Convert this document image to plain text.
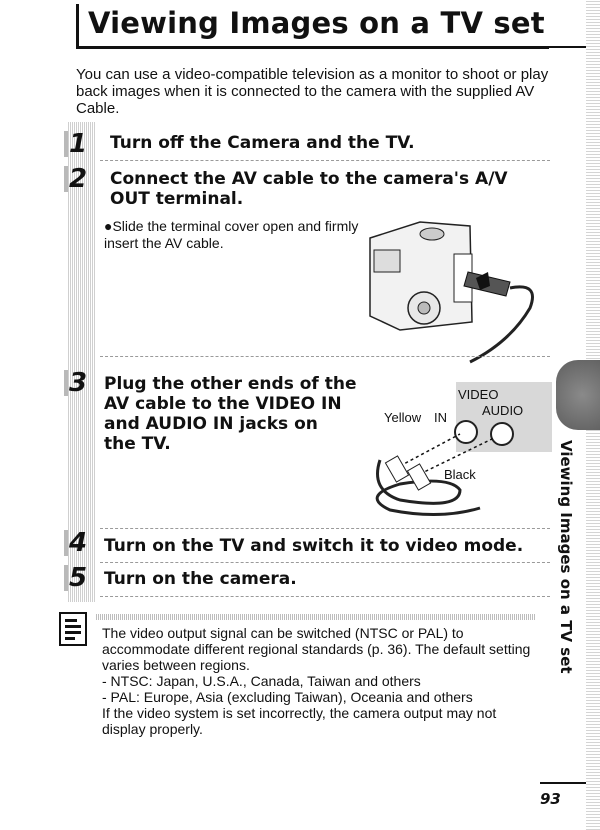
Viewing Images on a TV set

You can use a video-compatible television as a monitor to shoot or play back images when it is connected to the camera with the supplied AV Cable.

1	Turn off the Camera and the TV.
2	Connect the AV cable to the camera's A/V
OUT terminal.

●Slide the terminal cover open and firmly insert the AV cable.

3 Plug the other ends of the
AV cable to the VIDEO IN
and AUDIO IN jacks on
the TV.
VIDEO
AUDIO
Yellow IN
Black
4 Turn on the TV and switch it to video mode.
5 Turn on the camera.	Viewing Images on a TV set

The video output signal can be switched (NTSC or PAL) to accommodate different regional standards (p. 36). The default setting varies between regions.

- NTSC: Japan, U.S.A., Canada, Taiwan and others

- PAL: Europe, Asia (excluding Taiwan), Oceania and others

If the video system is set incorrectly, the camera output may not display properly.

93
